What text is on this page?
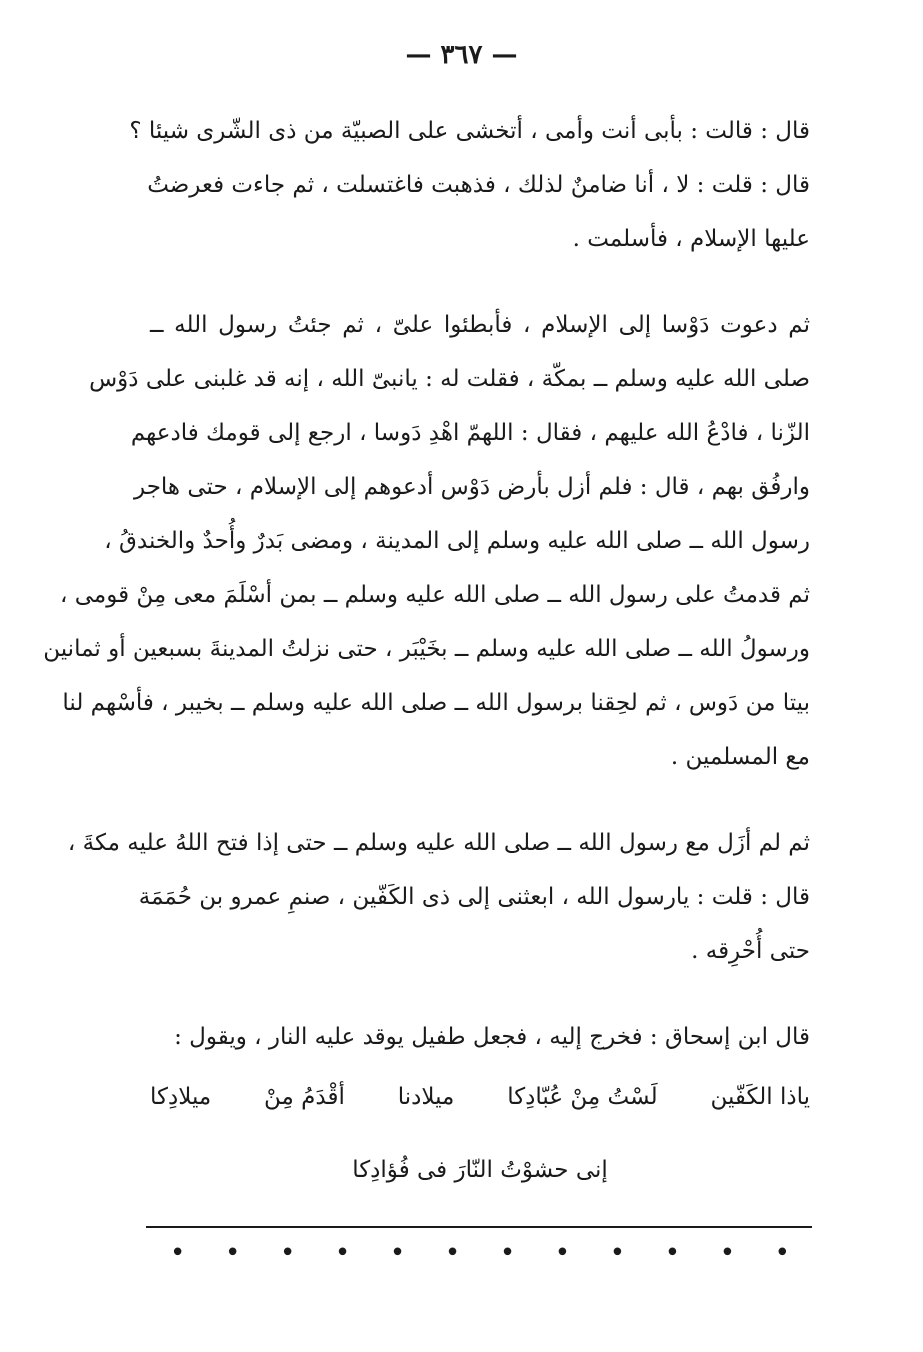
— ٣٦٧ —
قال : قالت : بأبى أنت وأمى ، أتخشى على الصبيّة من ذى الشّرى شيئا ؟
قال : قلت : لا ، أنا ضامنٌ لذلك ، فذهبت فاغتسلت ، ثم جاءت فعرضتُ
عليها الإسلام ، فأسلمت .
ثم دعوت دَوْسا إلى الإسلام ، فأبطئوا علىّ ، ثم جئتُ رسول الله ــ
صلى الله عليه وسلم ــ بمكّة ، فقلت له : يانبىّ الله ، إنه قد غلبنى على دَوْس
الزّنا ، فادْعُ الله عليهم ، فقال : اللهمّ اهْدِ دَوسا ، ارجع إلى قومك فادعهم
وارفُق بهم ، قال : فلم أزل بأرض دَوْس أدعوهم إلى الإسلام ، حتى هاجر
رسول الله ــ صلى الله عليه وسلم إلى المدينة ، ومضى بَدرٌ وأُحدٌ والخندقُ ،
ثم قدمتُ على رسول الله ــ صلى الله عليه وسلم ــ بمن أسْلَمَ معى مِنْ قومى ،
ورسولُ الله ــ صلى الله عليه وسلم ــ بخَيْبَر ، حتى نزلتُ المدينةَ بسبعين أو ثمانين
بيتا من دَوس ، ثم لحِقنا برسول الله ــ صلى الله عليه وسلم ــ بخيبر ، فأسْهم لنا
مع المسلمين .
ثم لم أزَل مع رسول الله ــ صلى الله عليه وسلم ــ حتى إذا فتح اللهُ عليه مكةَ ،
قال : قلت : يارسول الله ، ابعثنى إلى ذى الكَفّين ، صنمِ عمرو بن حُمَمَة
حتى أُحْرِقه .
قال ابن إسحاق : فخرج إليه ، فجعل طفيل يوقد عليه النار ، ويقول :
ياذا الكَفّين
لَسْتُ مِنْ عُبّادِكا
ميلادنا
أقْدَمُ مِنْ
ميلادِكا
إنى حشوْتُ النّارَ فى فُؤادِكا
• • • • • • • • • • • •
